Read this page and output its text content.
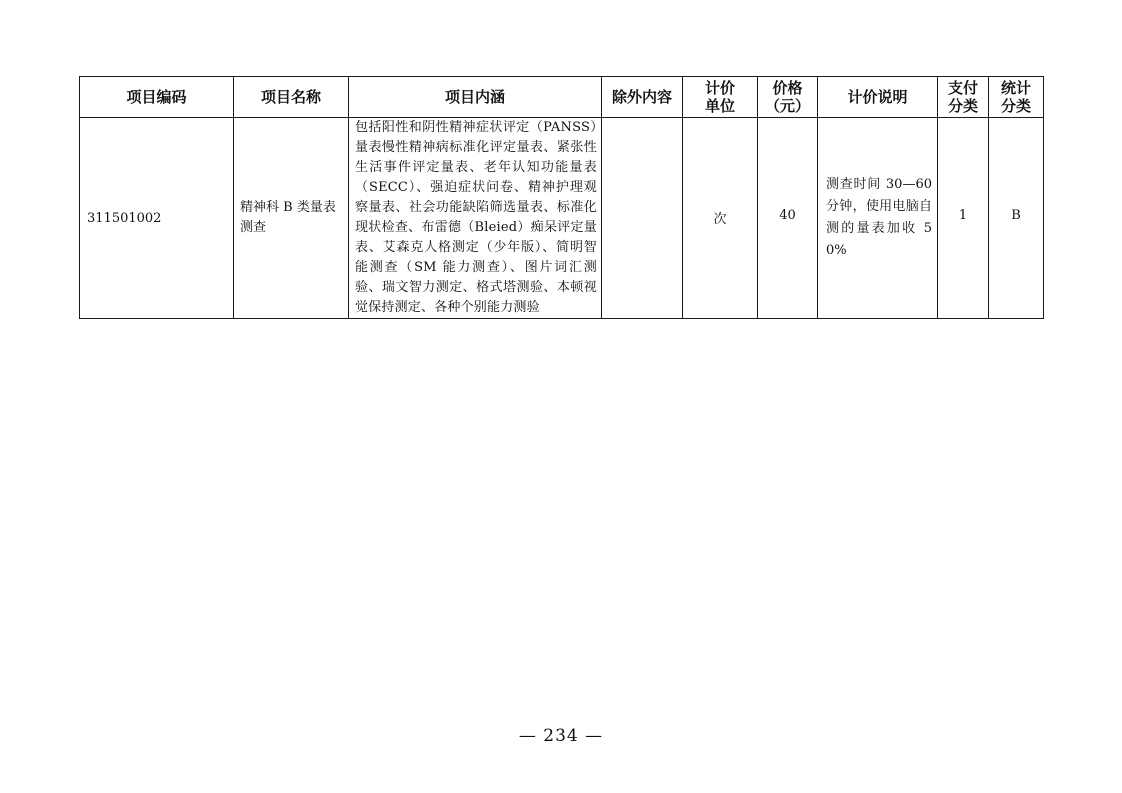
项目编码	项目名称	项目内涵	除外内容	计价单位	价格（元）	计价说明	支付分类	统计分类
311501002	精神科 B 类量表测查	包括阳性和阴性精神症状评定（PANSS）量表慢性精神病标准化评定量表、紧张性生活事件评定量表、老年认知功能量表（SECC）、强迫症状问卷、精神护理观察量表、社会功能缺陷筛选量表、标准化现状检查、布雷德（Bleied）痴呆评定量表、艾森克人格测定（少年版）、简明智能测查（SM 能力测查）、图片词汇测验、瑞文智力测定、格式塔测验、本顿视觉保持测定、各种个别能力测验		次	40	测查时间 30—60 分钟，使用电脑自测的量表加收 50%	1	B
— 234 —
